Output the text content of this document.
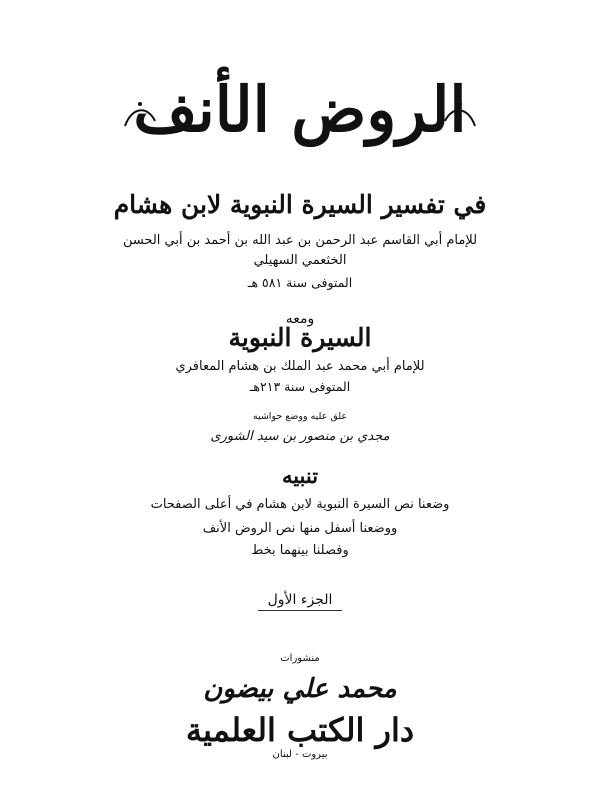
الروض الأنف
في تفسير السيرة النبوية لابن هشام
للإمام أبي القاسم عبد الرحمن بن عبد الله بن أحمد بن أبي الحسن
الخثعمي السهيلي
المتوفى سنة ٥٨١ هـ
ومعه
السيرة النبوية
للإمام أبي محمد عبد الملك بن هشام المعافري
المتوفى سنة ٢١٣هـ
علق عليه ووضع حواشيه
مجدي بن منصور بن سيد الشورى
تنبيه
وضعنا نص السيرة النبوية لابن هشام في أعلى الصفحات
ووضعنا أسفل منها نص الروض الأنف
وفصلنا بينهما بخط
الجزء الأول
منشورات
محمد علي بيضون
دار الكتب العلمية
بيروت - لبنان
